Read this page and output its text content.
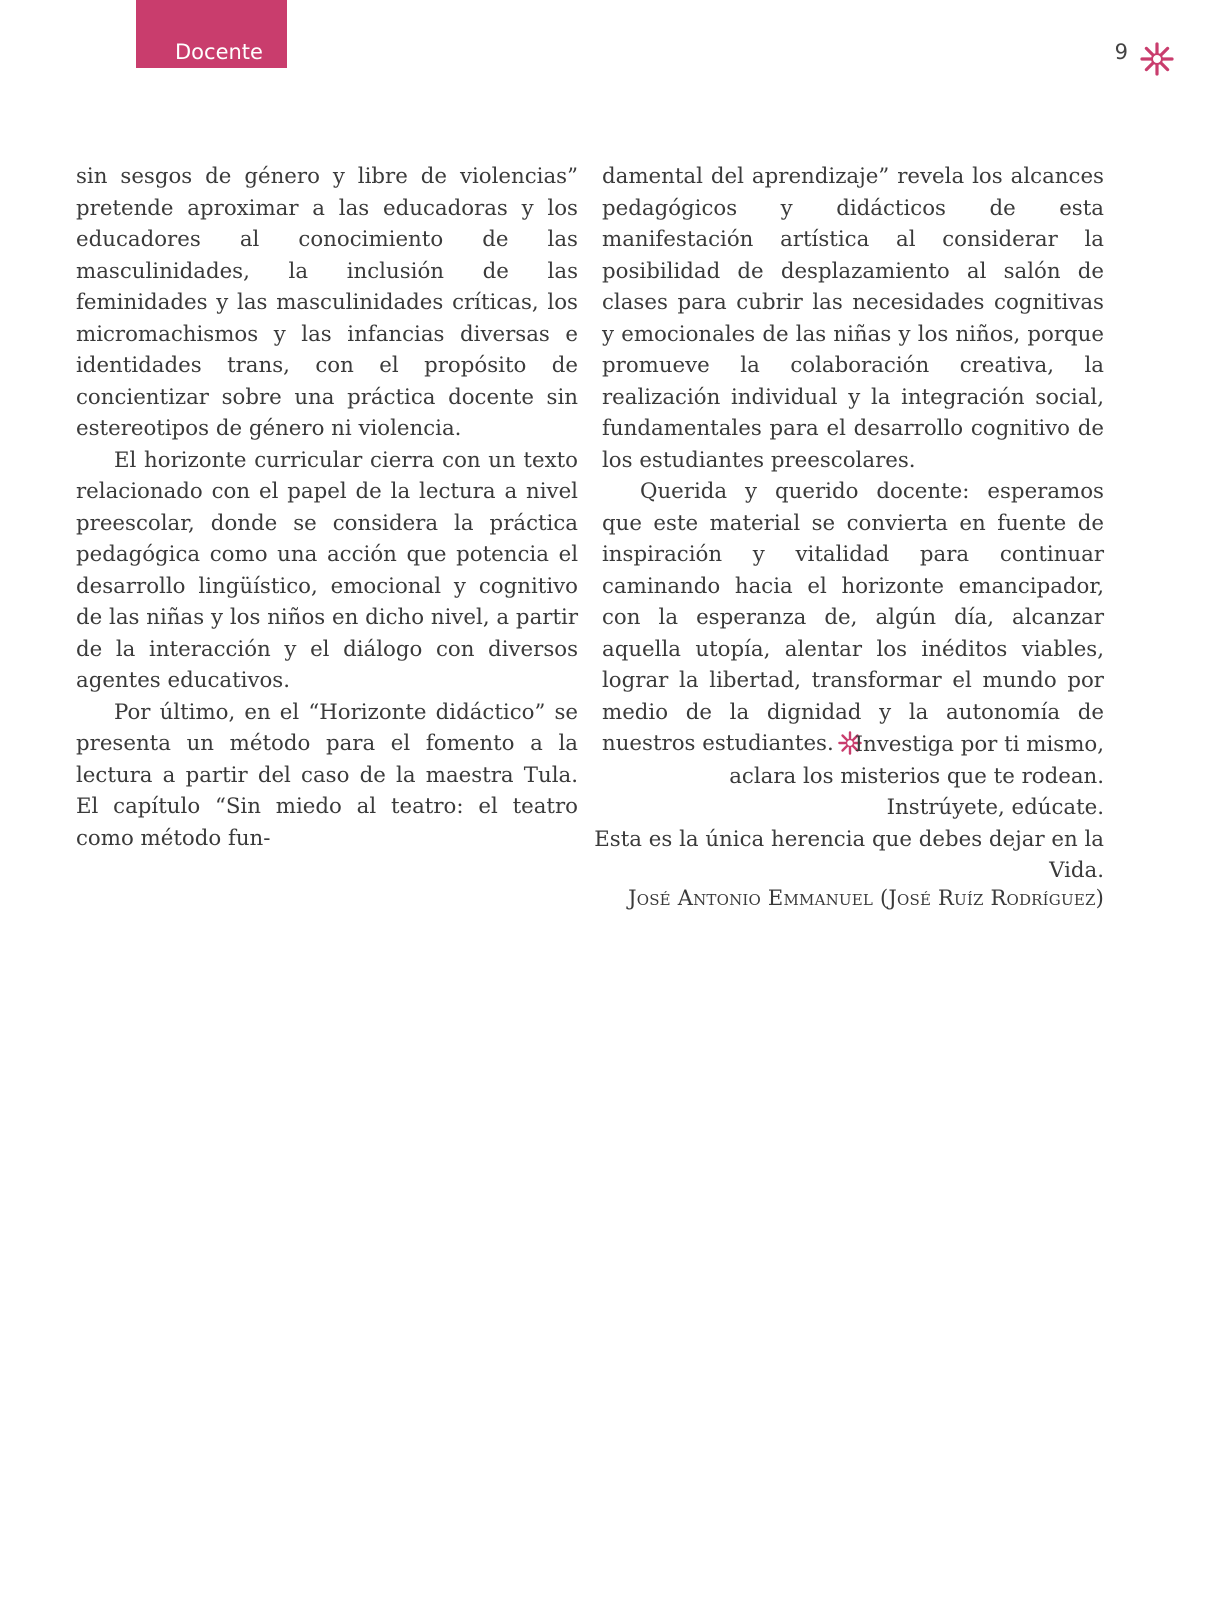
Docente	9

sin sesgos de género y libre de violencias” pretende aproximar a las educadoras y los educadores al conocimiento de las masculinidades, la inclusión de las feminidades y las masculinidades críticas, los micromachismos y las infancias diversas e identidades trans, con el propósito de concientizar sobre una práctica docente sin estereotipos de género ni violencia.

El horizonte curricular cierra con un texto relacionado con el papel de la lectura a nivel preescolar, donde se considera la práctica pedagógica como una acción que potencia el desarrollo lingüístico, emocional y cognitivo de las niñas y los niños en dicho nivel, a partir de la interacción y el diálogo con diversos agentes educativos.

Por último, en el “Horizonte didáctico” se presenta un método para el fomento a la lectura a partir del caso de la maestra Tula. El capítulo “Sin miedo al teatro: el teatro como método fun-

damental del aprendizaje” revela los alcances pedagógicos y didácticos de esta manifestación artística al considerar la posibilidad de desplazamiento al salón de clases para cubrir las necesidades cognitivas y emocionales de las niñas y los niños, porque promueve la colaboración creativa, la realización individual y la integración social, fundamentales para el desarrollo cognitivo de los estudiantes preescolares.

Querida y querido docente: esperamos que este material se convierta en fuente de inspiración y vitalidad para continuar caminando hacia el horizonte emancipador, con la esperanza de, algún día, alcanzar aquella utopía, alentar los inéditos viables, lograr la libertad, transformar el mundo por medio de la dignidad y la autonomía de nuestros estudiantes. Investiga por ti mismo,

aclara los misterios que te rodean.

Instrúyete, edúcate.

Esta es la única herencia que debes dejar en la Vida.

José Antonio Emmanuel (José Ruíz Rodríguez)
